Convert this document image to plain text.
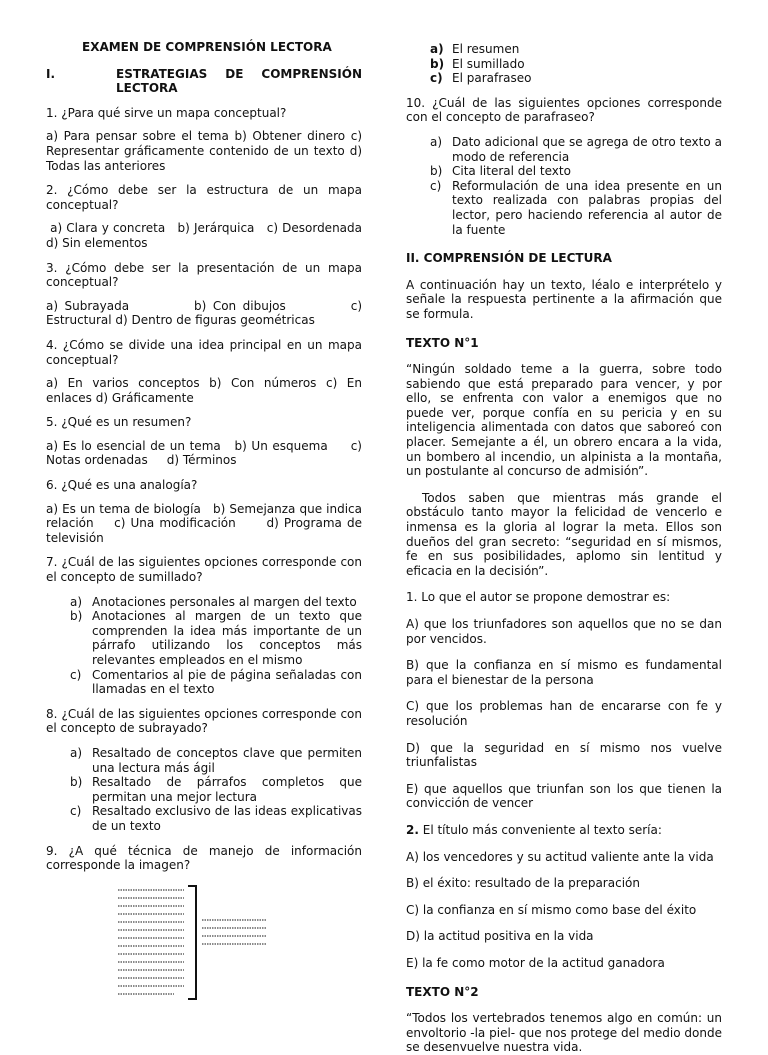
EXAMEN DE COMPRENSIÓN LECTORA
I.	ESTRATEGIAS DE COMPRENSIÓN LECTORA

1. ¿Para qué sirve un mapa conceptual?

a) Para pensar sobre el tema b) Obtener dinero c) Representar gráficamente contenido de un texto d) Todas las anteriores

2. ¿Cómo debe ser la estructura de un mapa conceptual?

a) Clara y concreta   b) Jerárquica   c) Desordenada d) Sin elementos

3. ¿Cómo debe ser la presentación de un mapa conceptual?

a) Subrayada          b) Con dibujos          c) Estructural d) Dentro de figuras geométricas

4. ¿Cómo se divide una idea principal en un mapa conceptual?

a) En varios conceptos b) Con números c) En enlaces d) Gráficamente

5. ¿Qué es un resumen?

a) Es lo esencial de un tema   b) Un esquema     c) Notas ordenadas     d) Términos

6. ¿Qué es una analogía?

a) Es un tema de biología   b) Semejanza que indica relación    c) Una modificación      d) Programa de televisión

7. ¿Cuál de las siguientes opciones corresponde con el concepto de sumillado?

a) Anotaciones personales al margen del texto
b) Anotaciones al margen de un texto que comprenden la idea más importante de un párrafo utilizando los conceptos más relevantes empleados en el mismo
c) Comentarios al pie de página señaladas con llamadas en el texto

8. ¿Cuál de las siguientes opciones corresponde con el concepto de subrayado?

a) Resaltado de conceptos clave que permiten una lectura más ágil
b) Resaltado de párrafos completos que permitan una mejor lectura
c) Resaltado exclusivo de las ideas explicativas de un texto

9. ¿A qué técnica de manejo de información corresponde la imagen?

a) El resumen
b) El sumillado
c) El parafraseo

10. ¿Cuál de las siguientes opciones corresponde con el concepto de parafraseo?

a) Dato adicional que se agrega de otro texto a modo de referencia
b) Cita literal del texto
c) Reformulación de una idea presente en un texto realizada con palabras propias del lector, pero haciendo referencia al autor de la fuente

II. COMPRENSIÓN DE LECTURA

A continuación hay un texto, léalo e interprételo y señale la respuesta pertinente a la afirmación que se formula.

TEXTO N°1

“Ningún soldado teme a la guerra, sobre todo sabiendo que está preparado para vencer, y por ello, se enfrenta con valor a enemigos que no puede ver, porque confía en su pericia y en su inteligencia alimentada con datos que saboreó con placer. Semejante a él, un obrero encara a la vida, un bombero al incendio, un alpinista a la montaña, un postulante al concurso de admisión”.

Todos saben que mientras más grande el obstáculo tanto mayor la felicidad de vencerlo e inmensa es la gloria al lograr la meta. Ellos son dueños del gran secreto: “seguridad en sí mismos, fe en sus posibilidades, aplomo sin lentitud y eficacia en la decisión”.

1. Lo que el autor se propone demostrar es:

A) que los triunfadores son aquellos que no se dan por vencidos.

B) que la confianza en sí mismo es fundamental para el bienestar de la persona

C) que los problemas han de encararse con fe y resolución

D) que la seguridad en sí mismo nos vuelve triunfalistas

E) que aquellos que triunfan son los que tienen la convicción de vencer

2. El título más conveniente al texto sería:

A) los vencedores y su actitud valiente ante la vida

B) el éxito: resultado de la preparación

C) la confianza en sí mismo como base del éxito

D) la actitud positiva en la vida

E) la fe como motor de la actitud ganadora

TEXTO N°2

“Todos los vertebrados tenemos algo en común: un envoltorio -la piel- que nos protege del medio donde se desenvuelve nuestra vida.
